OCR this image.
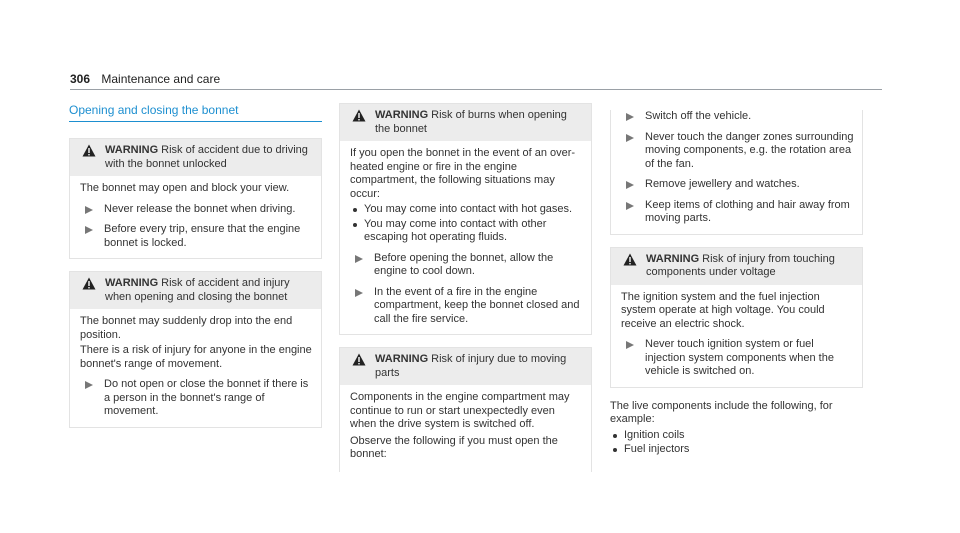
306 Maintenance and care
Opening and closing the bonnet
WARNING Risk of accident due to driving with the bonnet unlocked

The bonnet may open and block your view.

Never release the bonnet when driving.
Before every trip, ensure that the engine bonnet is locked.
WARNING Risk of accident and injury when opening and closing the bonnet

The bonnet may suddenly drop into the end position.

There is a risk of injury for anyone in the engine bonnet's range of movement.

Do not open or close the bonnet if there is a person in the bonnet's range of movement.
WARNING Risk of burns when opening the bonnet

If you open the bonnet in the event of an over-heated engine or fire in the engine compartment, the following situations may occur:

You may come into contact with hot gases.
You may come into contact with other escaping hot operating fluids.
Before opening the bonnet, allow the engine to cool down.
In the event of a fire in the engine compartment, keep the bonnet closed and call the fire service.
WARNING Risk of injury due to moving parts

Components in the engine compartment may continue to run or start unexpectedly even when the drive system is switched off.

Observe the following if you must open the bonnet:

Switch off the vehicle.
Never touch the danger zones surrounding moving components, e.g. the rotation area of the fan.
Remove jewellery and watches.
Keep items of clothing and hair away from moving parts.
WARNING Risk of injury from touching components under voltage

The ignition system and the fuel injection system operate at high voltage. You could receive an electric shock.

Never touch ignition system or fuel injection system components when the vehicle is switched on.

The live components include the following, for example:

Ignition coils
Fuel injectors
